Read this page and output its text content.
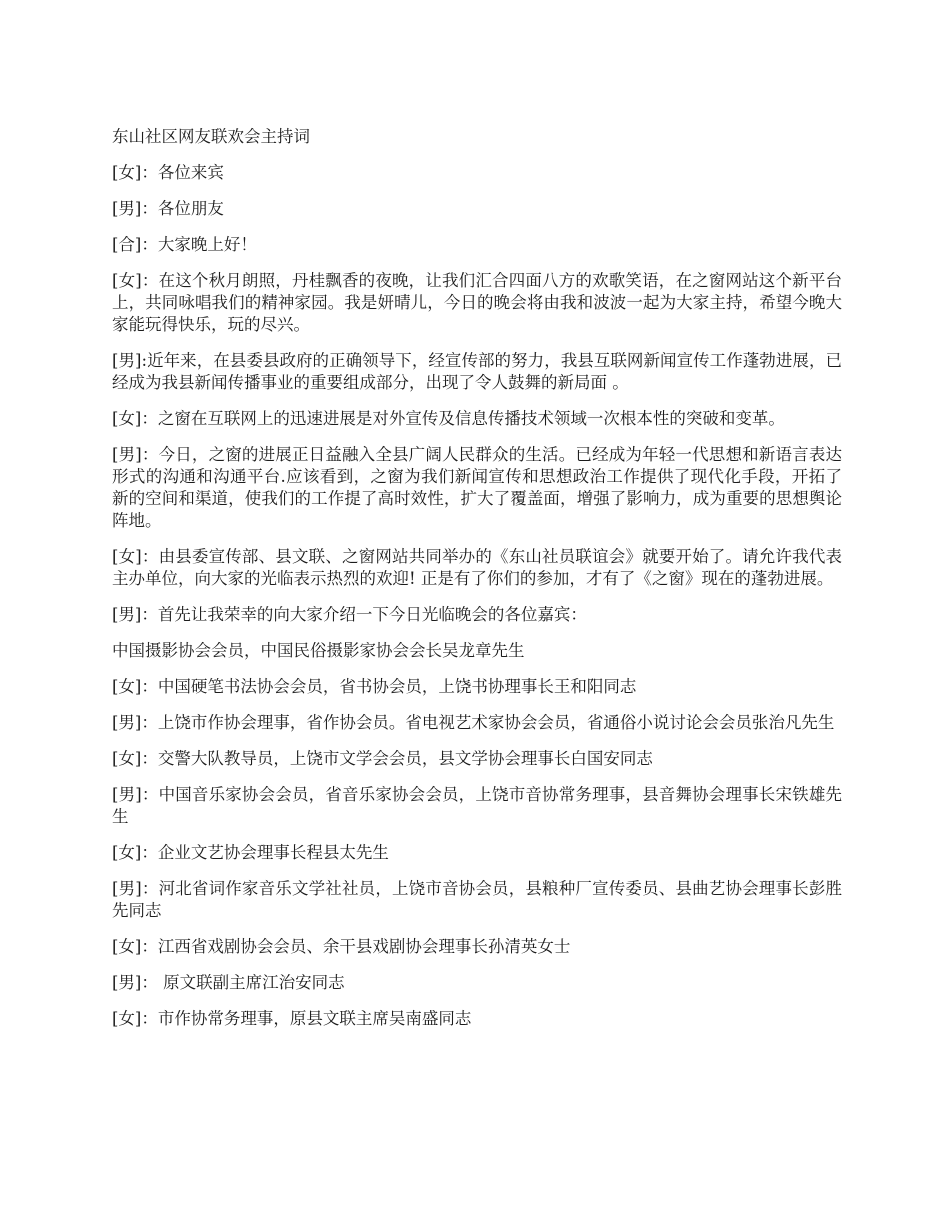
东山社区网友联欢会主持词

[女]：各位来宾

[男]：各位朋友

[合]：大家晚上好！

[女]：在这个秋月朗照，丹桂飘香的夜晚，让我们汇合四面八方的欢歌笑语，在之窗网站这个新平台上，共同咏唱我们的精神家园。我是妍晴儿，今日的晚会将由我和波波一起为大家主持，希望今晚大家能玩得快乐，玩的尽兴。

[男]:近年来，在县委县政府的正确领导下，经宣传部的努力，我县互联网新闻宣传工作蓬勃进展，已经成为我县新闻传播事业的重要组成部分，出现了令人鼓舞的新局面 。

[女]：之窗在互联网上的迅速进展是对外宣传及信息传播技术领域一次根本性的突破和变革。

[男]：今日，之窗的进展正日益融入全县广阔人民群众的生活。已经成为年轻一代思想和新语言表达形式的沟通和沟通平台.应该看到，之窗为我们新闻宣传和思想政治工作提供了现代化手段，开拓了新的空间和渠道，使我们的工作提了高时效性，扩大了覆盖面，增强了影响力，成为重要的思想舆论阵地。

[女]：由县委宣传部、县文联、之窗网站共同举办的《东山社员联谊会》就要开始了。请允许我代表主办单位，向大家的光临表示热烈的欢迎! 正是有了你们的参加，才有了《之窗》现在的蓬勃进展。

[男]：首先让我荣幸的向大家介绍一下今日光临晚会的各位嘉宾：

中国摄影协会会员，中国民俗摄影家协会会长吴龙章先生

[女]：中国硬笔书法协会会员，省书协会员，上饶书协理事长王和阳同志

[男]：上饶市作协会理事，省作协会员。省电视艺术家协会会员，省通俗小说讨论会会员张治凡先生

[女]：交警大队教导员，上饶市文学会会员，县文学协会理事长白国安同志

[男]：中国音乐家协会会员，省音乐家协会会员，上饶市音协常务理事，县音舞协会理事长宋铁雄先生

[女]：企业文艺协会理事长程县太先生

[男]：河北省词作家音乐文学社社员，上饶市音协会员，县粮种厂宣传委员、县曲艺协会理事长彭胜先同志

[女]：江西省戏剧协会会员、余干县戏剧协会理事长孙清英女士

[男]： 原文联副主席江治安同志

[女]：市作协常务理事，原县文联主席吴南盛同志
